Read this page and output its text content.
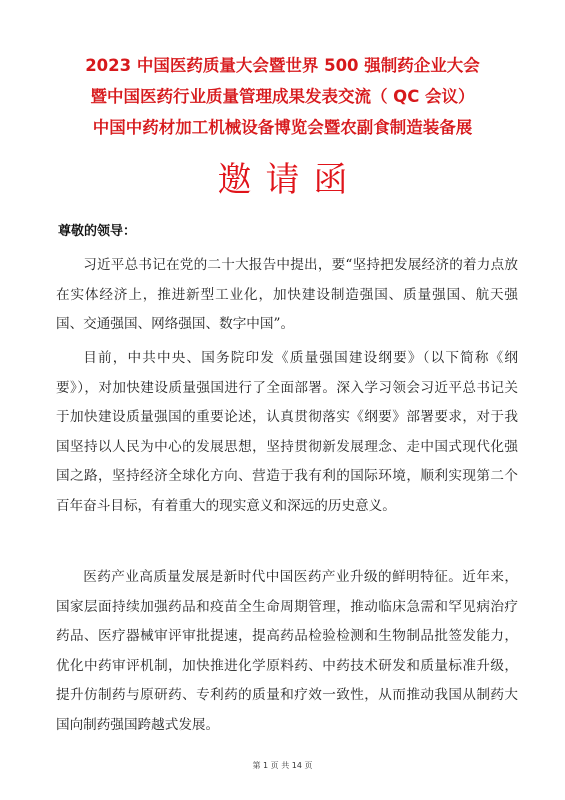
2023 中国医药质量大会暨世界 500 强制药企业大会
暨中国医药行业质量管理成果发表交流（ QC 会议）
中国中药材加工机械设备博览会暨农副食制造装备展
邀请函
尊敬的领导：
习近平总书记在党的二十大报告中提出，要“坚持把发展经济的着力点放在实体经济上，推进新型工业化，加快建设制造强国、质量强国、航天强国、交通强国、网络强国、数字中国”。
目前，中共中央、国务院印发《质量强国建设纲要》（以下简称《纲要》），对加快建设质量强国进行了全面部署。深入学习领会习近平总书记关于加快建设质量强国的重要论述，认真贯彻落实《纲要》部署要求，对于我国坚持以人民为中心的发展思想，坚持贯彻新发展理念、走中国式现代化强国之路，坚持经济全球化方向、营造于我有利的国际环境，顺利实现第二个百年奋斗目标，有着重大的现实意义和深远的历史意义。
医药产业高质量发展是新时代中国医药产业升级的鲜明特征。近年来，国家层面持续加强药品和疫苗全生命周期管理，推动临床急需和罕见病治疗药品、医疗器械审评审批提速，提高药品检验检测和生物制品批签发能力，优化中药审评机制，加快推进化学原料药、中药技术研发和质量标准升级，提升仿制药与原研药、专利药的质量和疗效一致性，从而推动我国从制药大国向制药强国跨越式发展。
第 1 页 共 14 页
